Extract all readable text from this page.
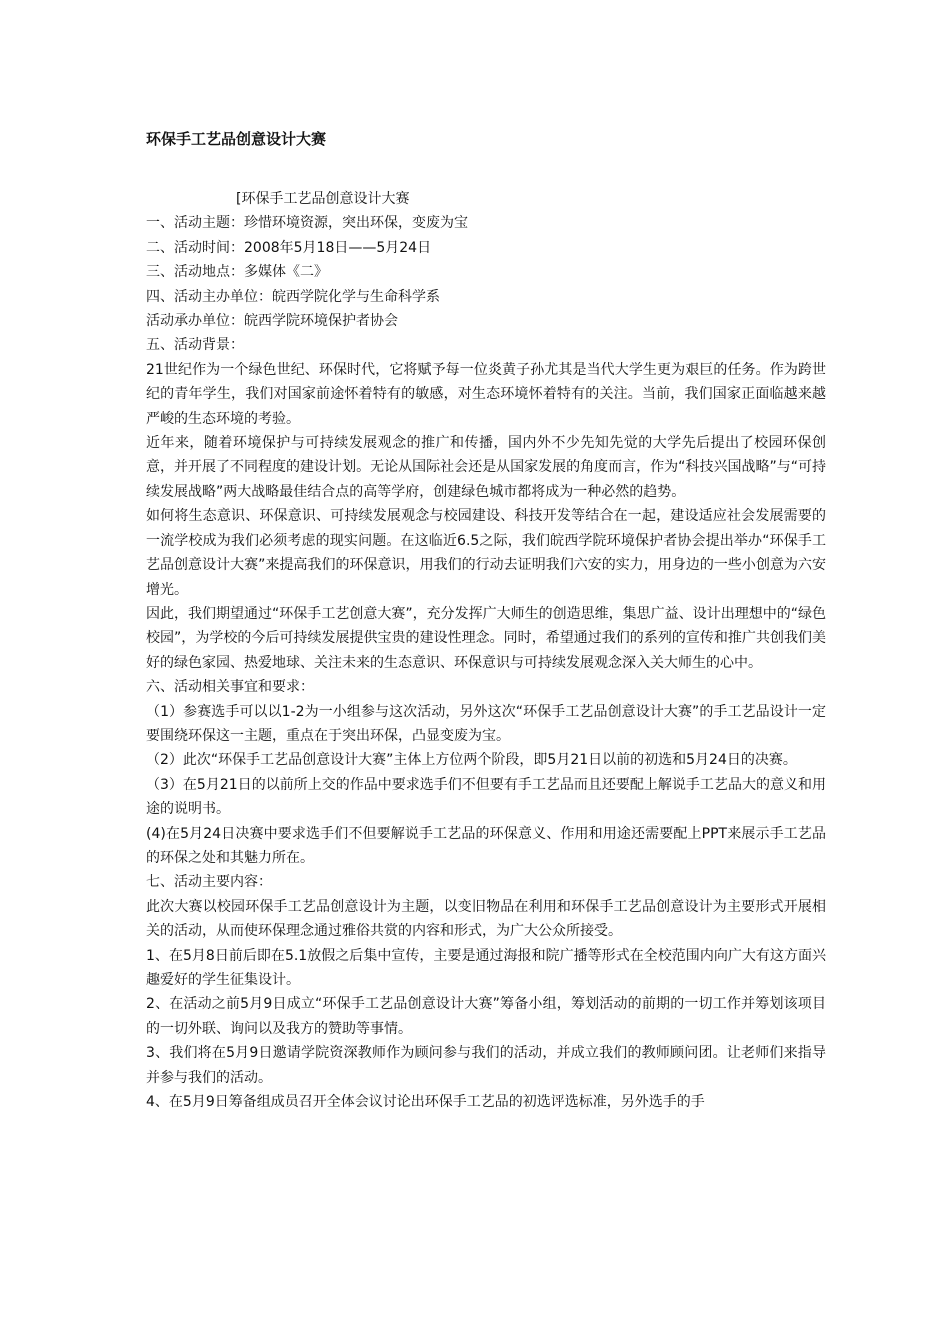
环保手工艺品创意设计大赛

[环保手工艺品创意设计大赛

一、活动主题：珍惜环境资源，突出环保，变废为宝

二、活动时间：2008年5月18日——5月24日

三、活动地点：多媒体《二》

四、活动主办单位：皖西学院化学与生命科学系

活动承办单位：皖西学院环境保护者协会

五、活动背景：

21世纪作为一个绿色世纪、环保时代，它将赋予每一位炎黄子孙尤其是当代大学生更为艰巨的任务。作为跨世纪的青年学生，我们对国家前途怀着特有的敏感，对生态环境怀着特有的关注。当前，我们国家正面临越来越严峻的生态环境的考验。

近年来，随着环境保护与可持续发展观念的推广和传播，国内外不少先知先觉的大学先后提出了校园环保创意，并开展了不同程度的建设计划。无论从国际社会还是从国家发展的角度而言，作为“科技兴国战略”与“可持续发展战略”两大战略最佳结合点的高等学府，创建绿色城市都将成为一种必然的趋势。

如何将生态意识、环保意识、可持续发展观念与校园建设、科技开发等结合在一起，建设适应社会发展需要的一流学校成为我们必须考虑的现实问题。在这临近6.5之际，我们皖西学院环境保护者协会提出举办“环保手工艺品创意设计大赛”来提高我们的环保意识，用我们的行动去证明我们六安的实力，用身边的一些小创意为六安增光。

因此，我们期望通过“环保手工艺创意大赛”，充分发挥广大师生的创造思维，集思广益、设计出理想中的“绿色校园”，为学校的今后可持续发展提供宝贵的建设性理念。同时，希望通过我们的系列的宣传和推广共创我们美好的绿色家园、热爱地球、关注未来的生态意识、环保意识与可持续发展观念深入关大师生的心中。

六、活动相关事宜和要求：

（1）参赛选手可以以1-2为一小组参与这次活动，另外这次“环保手工艺品创意设计大赛”的手工艺品设计一定要围绕环保这一主题，重点在于突出环保，凸显变废为宝。

（2）此次“环保手工艺品创意设计大赛”主体上方位两个阶段，即5月21日以前的初选和5月24日的决赛。

（3）在5月21日的以前所上交的作品中要求选手们不但要有手工艺品而且还要配上解说手工艺品大的意义和用途的说明书。

(4)在5月24日决赛中要求选手们不但要解说手工艺品的环保意义、作用和用途还需要配上PPT来展示手工艺品的环保之处和其魅力所在。

七、活动主要内容：

此次大赛以校园环保手工艺品创意设计为主题，以变旧物品在利用和环保手工艺品创意设计为主要形式开展相关的活动，从而使环保理念通过雅俗共赏的内容和形式，为广大公众所接受。

1、在5月8日前后即在5.1放假之后集中宣传，主要是通过海报和院广播等形式在全校范围内向广大有这方面兴趣爱好的学生征集设计。

2、在活动之前5月9日成立“环保手工艺品创意设计大赛”筹备小组，筹划活动的前期的一切工作并筹划该项目的一切外联、询问以及我方的赞助等事情。

3、我们将在5月9日邀请学院资深教师作为顾问参与我们的活动，并成立我们的教师顾问团。让老师们来指导并参与我们的活动。

4、在5月9日筹备组成员召开全体会议讨论出环保手工艺品的初选评选标准，另外选手的手
